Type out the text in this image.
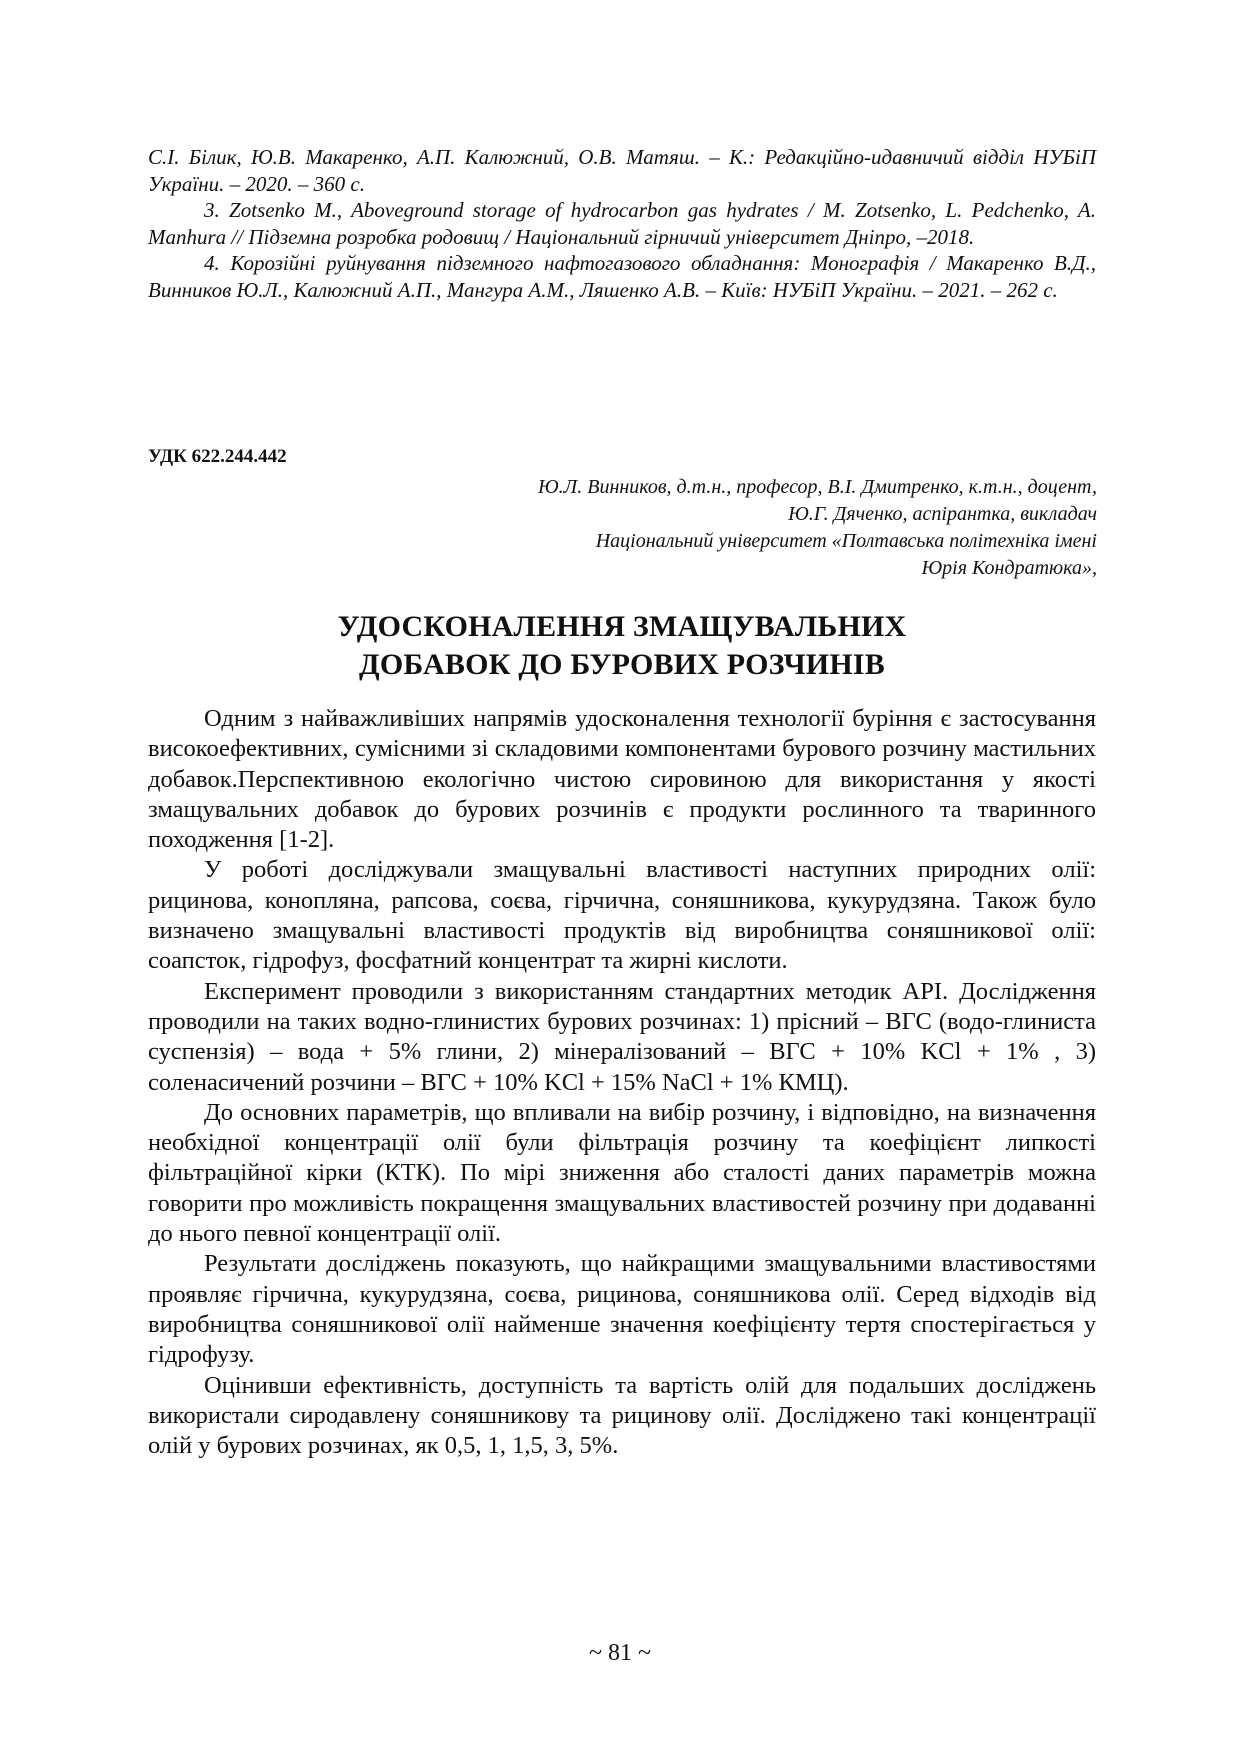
С.І. Білик, Ю.В. Макаренко, А.П. Калюжний, О.В. Матяш. – К.: Редакційно-идавничий відділ НУБіП України. – 2020. – 360 с.

3. Zotsenko M., Aboveground storage of hydrocarbon gas hydrates / M. Zotsenko, L. Pedchenko, A. Manhura // Підземна розробка родовищ / Національний гірничий університет Дніпро, –2018.

4. Корозійні руйнування підземного нафтогазового обладнання: Монографія / Макаренко В.Д., Винников Ю.Л., Калюжний А.П., Мангура А.М., Ляшенко А.В. – Київ: НУБіП України. – 2021. – 262 с.

УДК 622.244.442

Ю.Л. Винников, д.т.н., професор, В.І. Дмитренко, к.т.н., доцент,

Ю.Г. Дяченко, аспірантка, викладач

Національний університет «Полтавська політехніка імені

Юрія Кондратюка»,

УДОСКОНАЛЕННЯ ЗМАЩУВАЛЬНИХ

ДОБАВОК ДО БУРОВИХ РОЗЧИНІВ

Одним з найважливіших напрямів удосконалення технології буріння є застосування високоефективних, сумісними зі складовими компонентами бурового розчину мастильних добавок.Перспективною екологічно чистою сировиною для використання у якості змащувальних добавок до бурових розчинів є продукти рослинного та тваринного походження [1-2].

У роботі досліджували змащувальні властивості наступних природних олії: рицинова, конопляна, рапсова, соєва, гірчична, соняшникова, кукурудзяна. Також було визначено змащувальні властивості продуктів від виробництва соняшникової олії: соапсток, гідрофуз, фосфатний концентрат та жирні кислоти.

Експеримент проводили з використанням стандартних методик API. Дослідження проводили на таких водно-глинистих бурових розчинах: 1) прісний – ВГС (водо-глиниста суспензія) – вода + 5% глини, 2) мінералізований – ВГС + 10% KCl + 1% , 3) соленасичений розчини – ВГС + 10% KCl + 15% NaCl + 1% КМЦ).

До основних параметрів, що впливали на вибір розчину, і відповідно, на визначення необхідної концентрації олії були фільтрація розчину та коефіцієнт липкості фільтраційної кірки (КТК). По мірі зниження або сталості даних параметрів можна говорити про можливість покращення змащувальних властивостей розчину при додаванні до нього певної концентрації олії.

Результати досліджень показують, що найкращими змащувальними властивостями проявляє гірчична, кукурудзяна, соєва, рицинова, соняшникова олії. Серед відходів від виробництва соняшникової олії найменше значення коефіцієнту тертя спостерігається у гідрофузу.

Оцінивши ефективність, доступність та вартість олій для подальших досліджень використали сиродавлену соняшникову та рицинову олії. Досліджено такі концентрації олій у бурових розчинах, як 0,5, 1, 1,5, 3, 5%.

~ 81 ~
